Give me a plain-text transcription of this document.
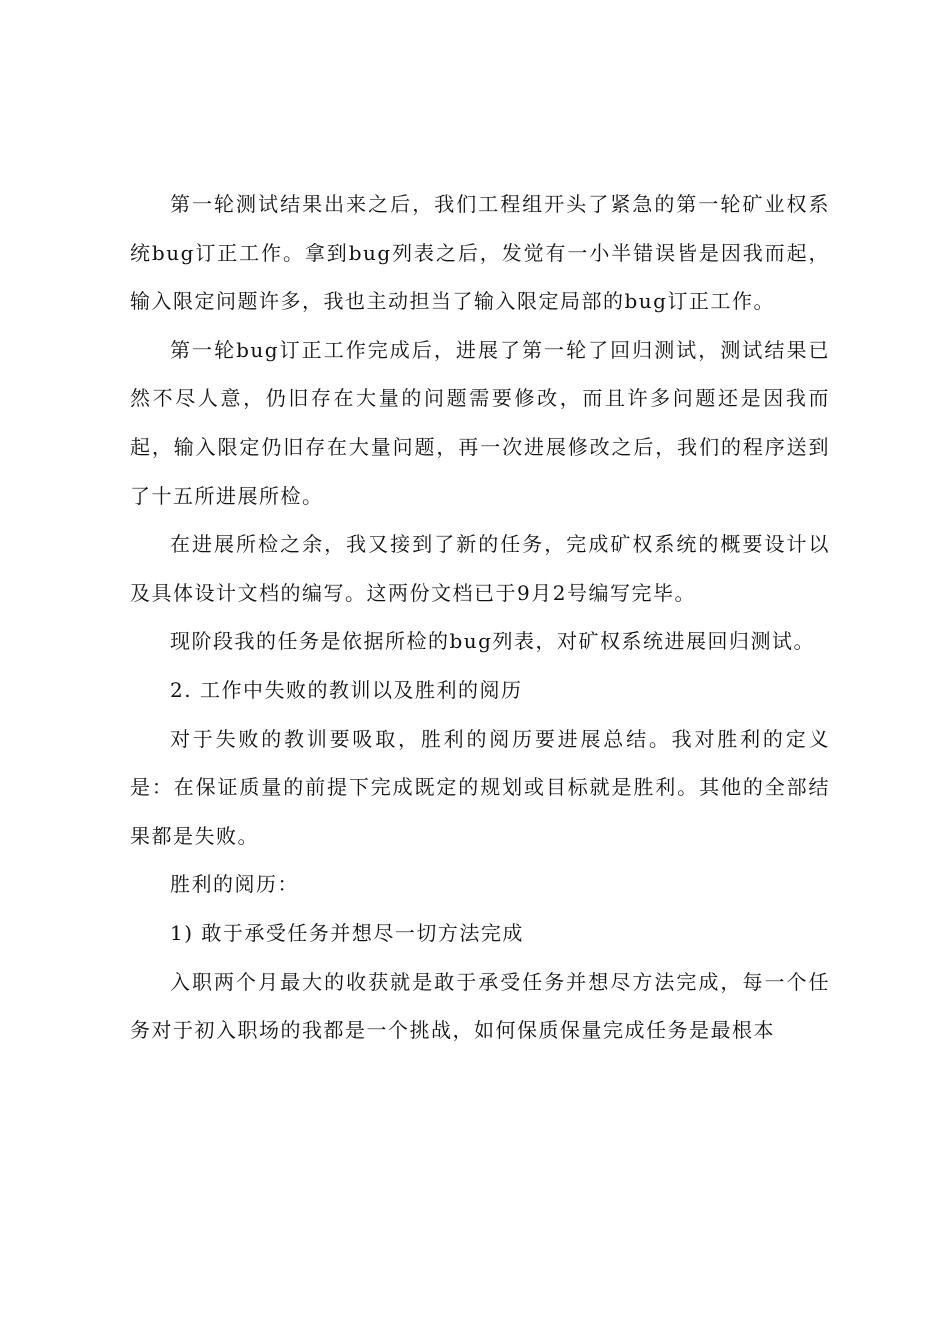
第一轮测试结果出来之后，我们工程组开头了紧急的第一轮矿业权系统bug订正工作。拿到bug列表之后，发觉有一小半错误皆是因我而起，输入限定问题许多，我也主动担当了输入限定局部的bug订正工作。

第一轮bug订正工作完成后，进展了第一轮了回归测试，测试结果已然不尽人意，仍旧存在大量的问题需要修改，而且许多问题还是因我而起，输入限定仍旧存在大量问题，再一次进展修改之后，我们的程序送到了十五所进展所检。

在进展所检之余，我又接到了新的任务，完成矿权系统的概要设计以及具体设计文档的编写。这两份文档已于9月2号编写完毕。

现阶段我的任务是依据所检的bug列表，对矿权系统进展回归测试。

2. 工作中失败的教训以及胜利的阅历

对于失败的教训要吸取，胜利的阅历要进展总结。我对胜利的定义是：在保证质量的前提下完成既定的规划或目标就是胜利。其他的全部结果都是失败。

胜利的阅历：

1) 敢于承受任务并想尽一切方法完成

入职两个月最大的收获就是敢于承受任务并想尽方法完成，每一个任务对于初入职场的我都是一个挑战，如何保质保量完成任务是最根本
